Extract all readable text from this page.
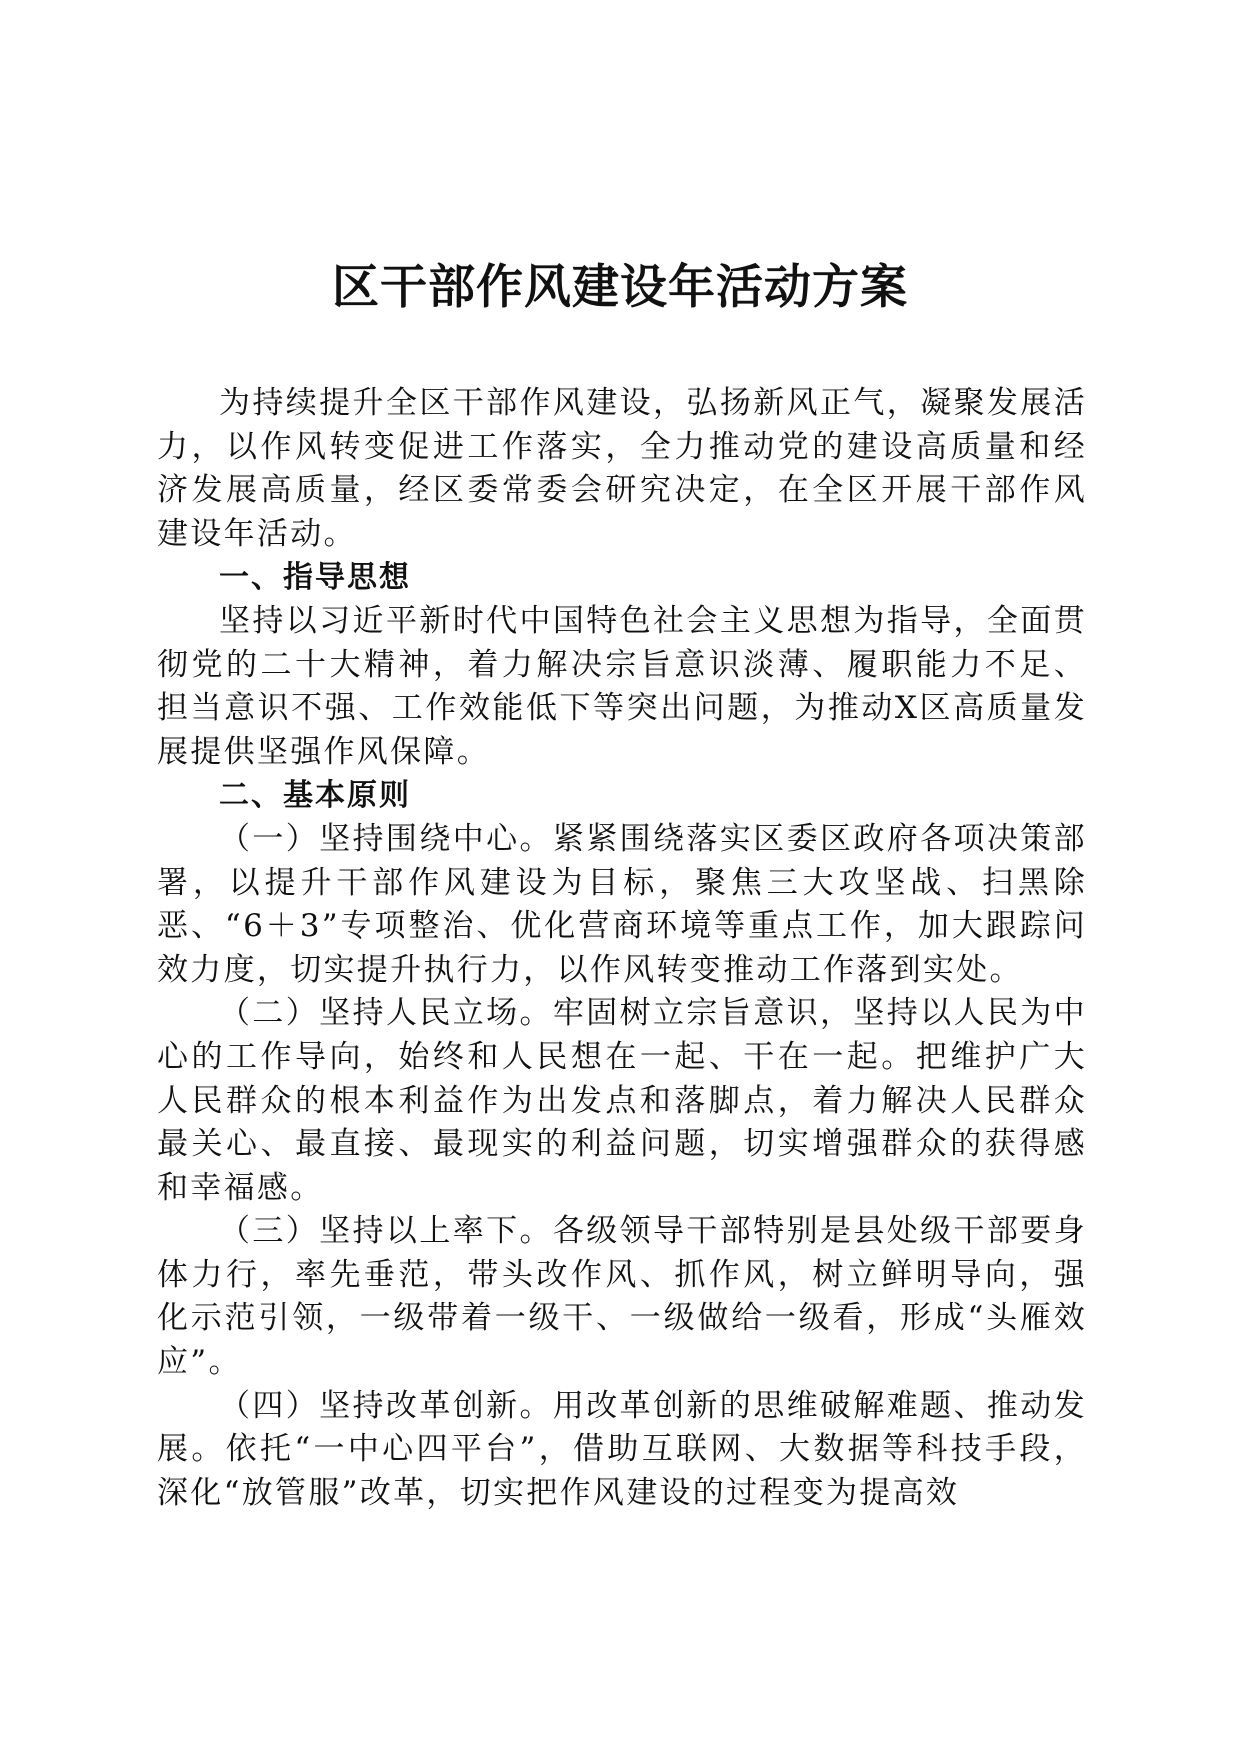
区干部作风建设年活动方案

为持续提升全区干部作风建设，弘扬新风正气，凝聚发展活力，以作风转变促进工作落实，全力推动党的建设高质量和经济发展高质量，经区委常委会研究决定，在全区开展干部作风建设年活动。

一、指导思想

坚持以习近平新时代中国特色社会主义思想为指导，全面贯彻党的二十大精神，着力解决宗旨意识淡薄、履职能力不足、担当意识不强、工作效能低下等突出问题，为推动X区高质量发展提供坚强作风保障。

二、基本原则

（一）坚持围绕中心。紧紧围绕落实区委区政府各项决策部署，以提升干部作风建设为目标，聚焦三大攻坚战、扫黑除恶、“6＋3”专项整治、优化营商环境等重点工作，加大跟踪问效力度，切实提升执行力，以作风转变推动工作落到实处。

（二）坚持人民立场。牢固树立宗旨意识，坚持以人民为中心的工作导向，始终和人民想在一起、干在一起。把维护广大人民群众的根本利益作为出发点和落脚点，着力解决人民群众最关心、最直接、最现实的利益问题，切实增强群众的获得感和幸福感。

（三）坚持以上率下。各级领导干部特别是县处级干部要身体力行，率先垂范，带头改作风、抓作风，树立鲜明导向，强化示范引领，一级带着一级干、一级做给一级看，形成“头雁效应”。

（四）坚持改革创新。用改革创新的思维破解难题、推动发展。依托“一中心四平台”，借助互联网、大数据等科技手段，深化“放管服”改革，切实把作风建设的过程变为提高效
